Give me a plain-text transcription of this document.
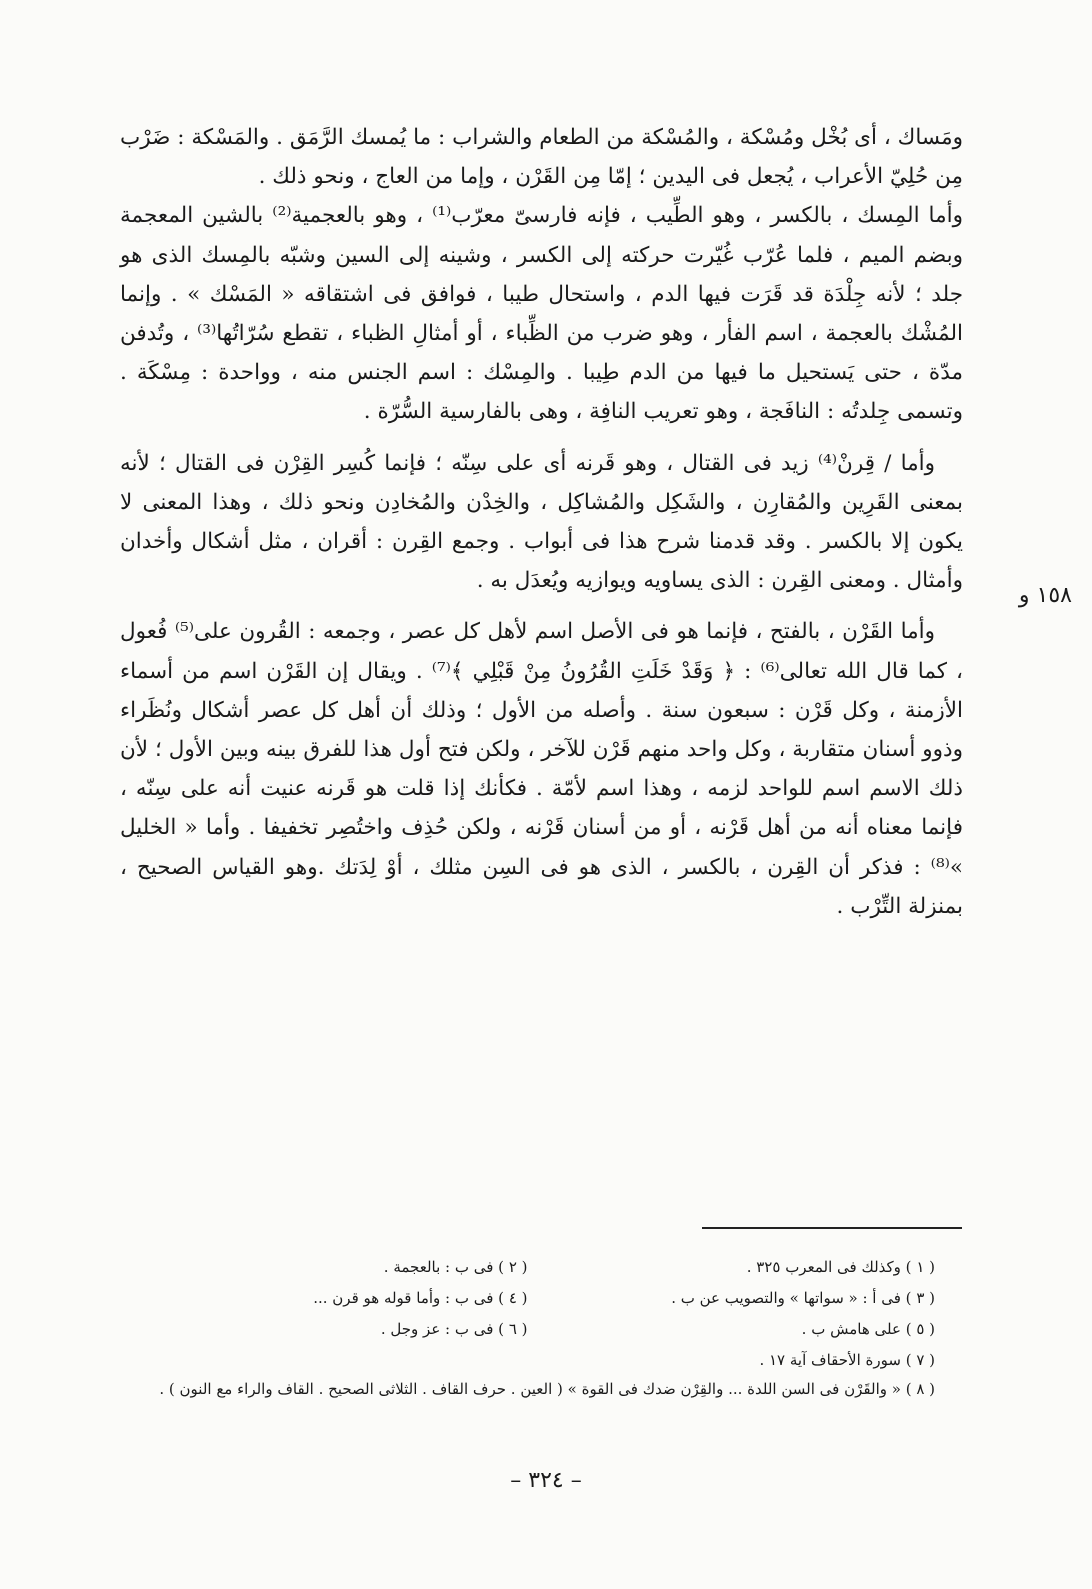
ومَساك ، أى بُخْل ومُسْكة ، والمُسْكة من الطعام والشراب : ما يُمسك الرَّمَق . والمَسْكة : ضَرْب مِن حُلِيّ الأعراب ، يُجعل فى اليدين ؛ إمّا مِن القَرْن ، وإما من العاج ، ونحو ذلك .

وأما المِسك ، بالكسر ، وهو الطِّيب ، فإنه فارسىّ معرّب⁽¹⁾ ، وهو بالعجمية⁽²⁾ بالشين المعجمة وبضم الميم ، فلما عُرّب غُيّرت حركته إلى الكسر ، وشينه إلى السين وشبّه بالمِسك الذى هو جلد ؛ لأنه جِلْدَة قد قَرَت فيها الدم ، واستحال طيبا ، فوافق فى اشتقاقه « المَسْك » . وإنما المُشْك بالعجمة ، اسم الفأر ، وهو ضرب من الظِّباء ، أو أمثالِ الظباء ، تقطع سُرّاتُها⁽³⁾ ، وتُدفن مدّة ، حتى يَستحيل ما فيها من الدم طِيبا . والمِسْك : اسم الجنس منه ، وواحدة : مِسْكَة . وتسمى جِلدتُه : النافَجة ، وهو تعريب النافِة ، وهى بالفارسية السُّرّة .

وأما / قِرنْ⁽⁴⁾ زيد فى القتال ، وهو قَرنه أى على سِنّه ؛ فإنما كُسِر القِرْن فى القتال ؛ لأنه بمعنى القَرِين والمُقارِن ، والشَكِل والمُشاكِل ، والخِدْن والمُخادِن ونحو ذلك ، وهذا المعنى لا يكون إلا بالكسر . وقد قدمنا شرح هذا فى أبواب . وجمع القِرن : أقران ، مثل أشكال وأخدان وأمثال . ومعنى القِرن : الذى يساويه ويوازيه ويُعدَل به .

وأما القَرْن ، بالفتح ، فإنما هو فى الأصل اسم لأهل كل عصر ، وجمعه : القُرون على⁽⁵⁾ فُعول ، كما قال الله تعالى⁽⁶⁾ : ﴿ وَقَدْ خَلَتِ القُرُونُ مِنْ قَبْلِي ﴾⁽⁷⁾ . ويقال إن القَرْن اسم من أسماء الأزمنة ، وكل قَرْن : سبعون سنة . وأصله من الأول ؛ وذلك أن أهل كل عصر أشكال ونُظَراء وذوو أسنان متقاربة ، وكل واحد منهم قَرْن للآخر ، ولكن فتح أول هذا للفرق بينه وبين الأول ؛ لأن ذلك الاسم اسم للواحد لزمه ، وهذا اسم لأمّة . فكأنك إذا قلت هو قَرنه عنيت أنه على سِنّه ، فإنما معناه أنه من أهل قَرْنه ، أو من أسنان قَرْنه ، ولكن حُذِف واختُصِر تخفيفا . وأما « الخليل »⁽⁸⁾ : فذكر أن القِرن ، بالكسر ، الذى هو فى السِن مثلك ، أوْ لِدَتك .وهو القياس الصحيح ، بمنزلة التِّرْب .

١٥٨ و
( ١ ) وكذلك فى المعرب ٣٢٥ .
( ٢ ) فى ب : بالعجمة .
( ٣ ) فى أ : « سواتها » والتصويب عن ب .
( ٤ ) فى ب : وأما قوله هو قرن ...
( ٥ ) على هامش ب .
( ٦ ) فى ب : عز وجل .
( ٧ ) سورة الأحقاف آية ١٧ .
( ٨ ) « والقَرْن فى السن اللدة ... والقِرْن ضدك فى القوة » ( العين . حرف القاف . الثلاثى الصحيح . القاف والراء مع النون ) .
– ٣٢٤ –
